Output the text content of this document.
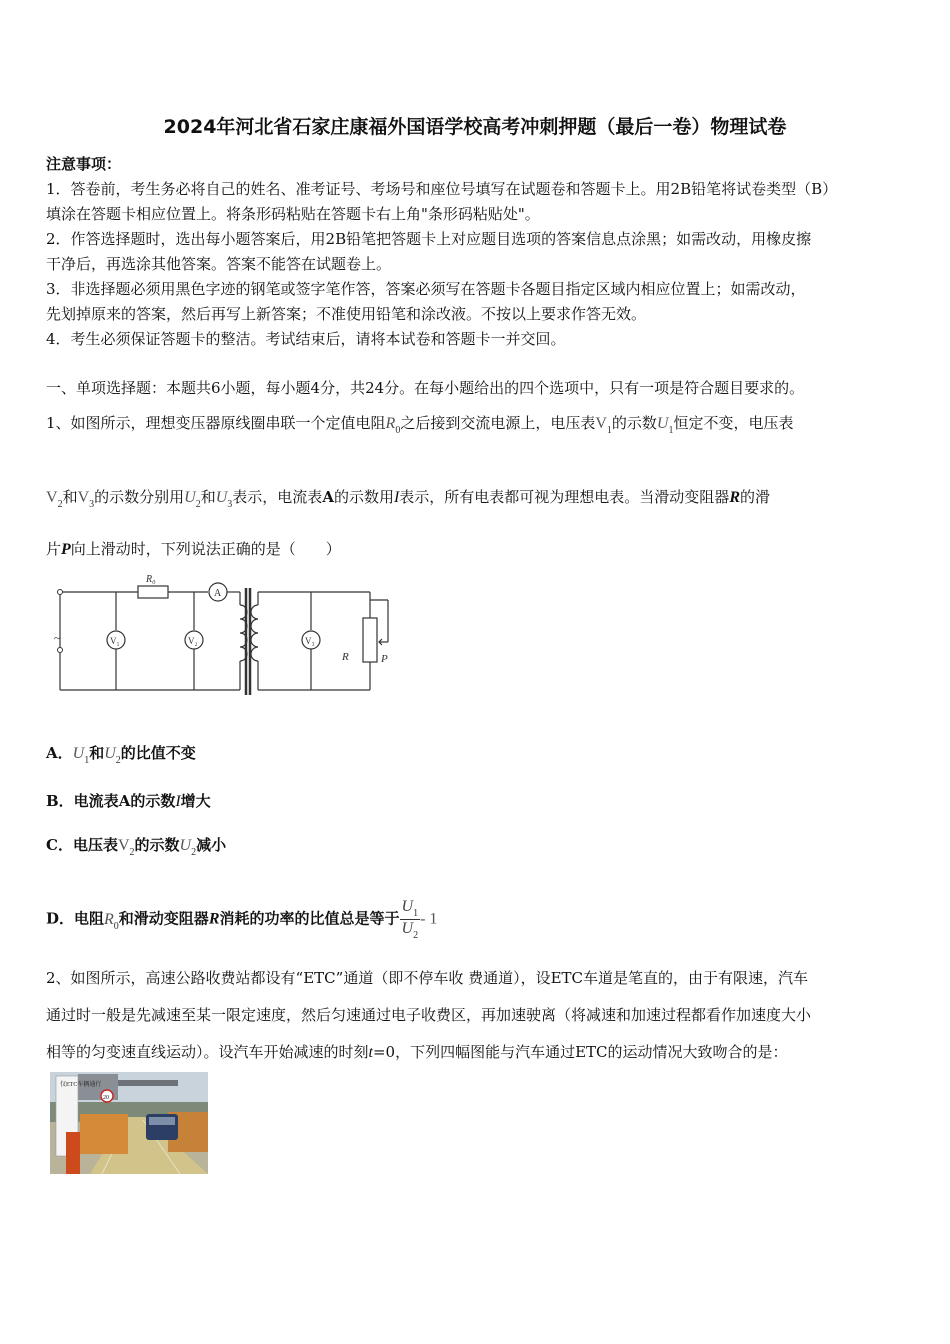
2024年河北省石家庄康福外国语学校高考冲刺押题（最后一卷）物理试卷
注意事项：
1．答卷前，考生务必将自己的姓名、准考证号、考场号和座位号填写在试题卷和答题卡上。用2B铅笔将试卷类型（B）
填涂在答题卡相应位置上。将条形码粘贴在答题卡右上角"条形码粘贴处"。
2．作答选择题时，选出每小题答案后，用2B铅笔把答题卡上对应题目选项的答案信息点涂黑；如需改动，用橡皮擦
干净后，再选涂其他答案。答案不能答在试题卷上。
3．非选择题必须用黑色字迹的钢笔或签字笔作答，答案必须写在答题卡各题目指定区域内相应位置上；如需改动，
先划掉原来的答案，然后再写上新答案；不准使用铅笔和涂改液。不按以上要求作答无效。
4．考生必须保证答题卡的整洁。考试结束后，请将本试卷和答题卡一并交回。
一、单项选择题：本题共6小题，每小题4分，共24分。在每小题给出的四个选项中，只有一项是符合题目要求的。
1、如图所示，理想变压器原线圈串联一个定值电阻$R_0$之后接到交流电源上，电压表$V_1$的示数$U_1$恒定不变，电压表
$V_2$和$V_3$的示数分别用$U_2$和$U_3$表示，电流表A的示数用I表示，所有电表都可视为理想电表。当滑动变阻器R的滑
片P向上滑动时，下列说法正确的是（　　）
~
R₀
A
V₁	V₂	V₃
R	P
A．$U_1$和$U_2$的比值不变
B．电流表A的示数I增大
C．电压表$V_2$的示数$U_2$减小
D．电阻$R_0$和滑动变阻器R消耗的功率的比值总是等于 $\frac{U_1}{U_2} - 1$
2、如图所示，高速公路收费站都设有“ETC”通道（即不停车收 费通道），设ETC车道是笔直的，由于有限速，汽车
通过时一般是先减速至某一限定速度，然后匀速通过电子收费区，再加速驶离（将减速和加速过程都看作加速度大小
相等的匀变速直线运动）。设汽车开始减速的时刻t=0，下列四幅图能与汽车通过ETC的运动情况大致吻合的是：
仅ETC车辆通行
20
